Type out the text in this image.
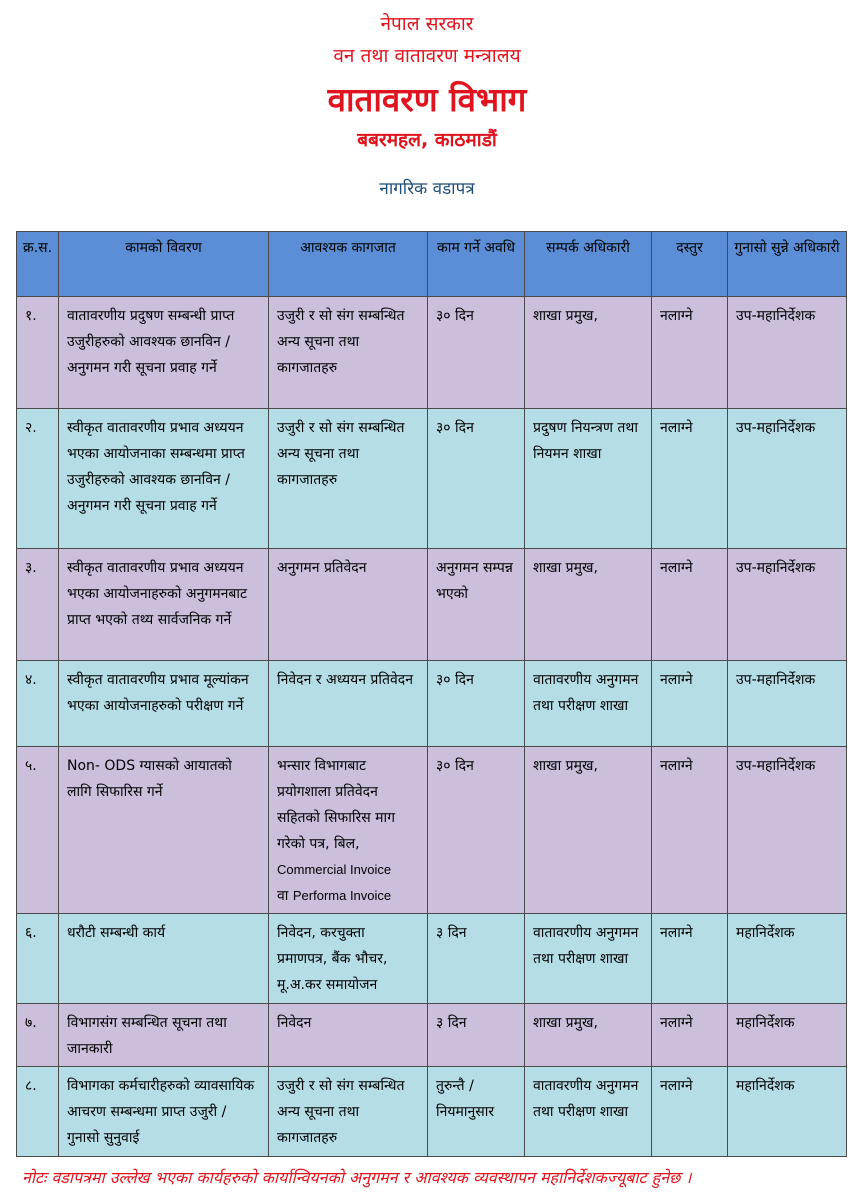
नेपाल सरकार
वन तथा वातावरण मन्त्रालय
वातावरण विभाग
बबरमहल, काठमाडौं
नागरिक वडापत्र
क्र.स.	कामको विवरण	आवश्यक कागजात	काम गर्ने अवधि	सम्पर्क अधिकारी	दस्तुर	गुनासो सुन्ने अधिकारी
१.	वातावरणीय प्रदुषण सम्बन्धी प्राप्त उजुरीहरुको आवश्यक छानविन / अनुगमन गरी सूचना प्रवाह गर्ने	उजुरी र सो संग सम्बन्धित अन्य सूचना तथा कागजातहरु	३० दिन	शाखा प्रमुख,	नलाग्ने	उप-महानिर्देशक
२.	स्वीकृत वातावरणीय प्रभाव अध्ययन भएका आयोजनाका सम्बन्धमा प्राप्त उजुरीहरुको आवश्यक छानविन / अनुगमन गरी सूचना प्रवाह गर्ने	उजुरी र सो संग सम्बन्धित अन्य सूचना तथा कागजातहरु	३० दिन	प्रदुषण नियन्त्रण तथा नियमन शाखा	नलाग्ने	उप-महानिर्देशक
३.	स्वीकृत वातावरणीय प्रभाव अध्ययन भएका आयोजनाहरुको अनुगमनबाट प्राप्त भएको तथ्य सार्वजनिक गर्ने	अनुगमन प्रतिवेदन	अनुगमन सम्पन्न भएको	शाखा प्रमुख,	नलाग्ने	उप-महानिर्देशक
४.	स्वीकृत वातावरणीय प्रभाव मूल्यांकन भएका आयोजनाहरुको परीक्षण गर्ने	निवेदन र अध्ययन प्रतिवेदन	३० दिन	वातावरणीय अनुगमन तथा परीक्षण शाखा	नलाग्ने	उप-महानिर्देशक
५.	Non- ODS ग्यासको आयातको लागि सिफारिस गर्ने	भन्सार विभागबाट प्रयोगशाला प्रतिवेदन सहितको सिफारिस माग गरेको पत्र, बिल,
Commercial Invoice
वा Performa Invoice	३० दिन	शाखा प्रमुख,	नलाग्ने	उप-महानिर्देशक
६.	धरौटी सम्बन्धी कार्य	निवेदन, करचुक्ता प्रमाणपत्र, बैंक भौचर, मू.अ.कर समायोजन	३ दिन	वातावरणीय अनुगमन तथा परीक्षण शाखा	नलाग्ने	महानिर्देशक
७.	विभागसंग सम्बन्धित सूचना तथा जानकारी	निवेदन	३ दिन	शाखा प्रमुख,	नलाग्ने	महानिर्देशक
८.	विभागका कर्मचारीहरुको व्यावसायिक आचरण सम्बन्धमा प्राप्त उजुरी / गुनासो सुनुवाई	उजुरी र सो संग सम्बन्धित अन्य सूचना तथा कागजातहरु	तुरुन्तै / नियमानुसार	वातावरणीय अनुगमन तथा परीक्षण शाखा	नलाग्ने	महानिर्देशक
नोटः वडापत्रमा उल्लेख भएका कार्यहरुको कार्यान्वियनको अनुगमन र आवश्यक व्यवस्थापन महानिर्देशकज्यूबाट हुनेछ ।
